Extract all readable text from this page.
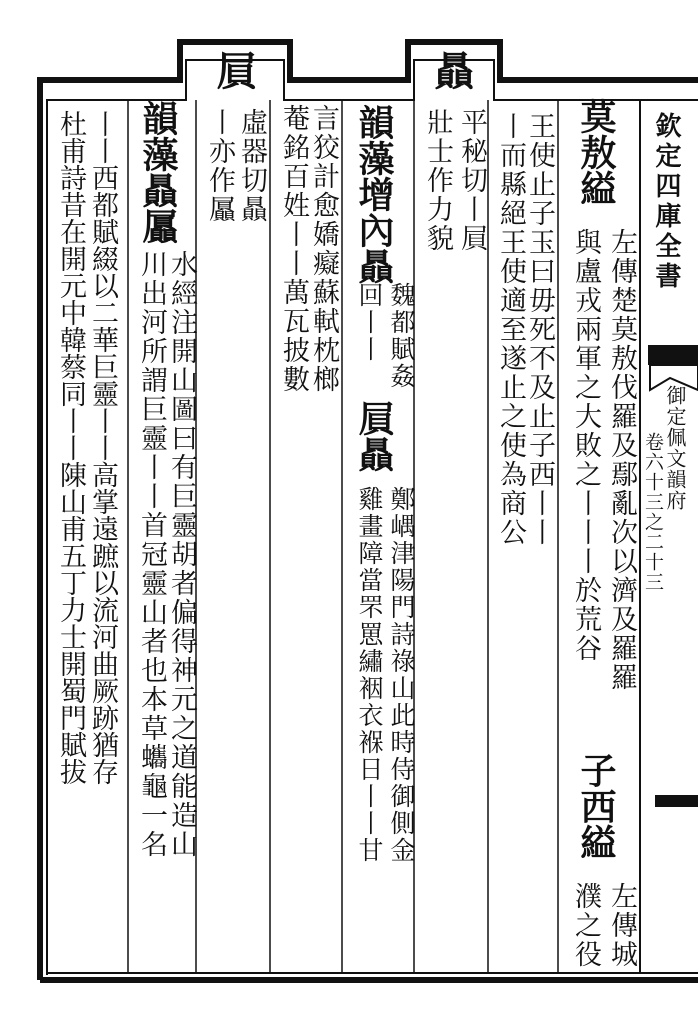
欽定四庫全書
御定佩文韻府
卷六十三之二十三
屓	贔
莫敖縊
左傳楚莫敖伐羅及鄢亂次以濟及羅羅
與盧戎兩軍之大敗之丨丨丨於荒谷
子西縊
左傳城
濮之役
王使止子玉曰毋死不及止子西丨丨
丨而縣絕王使適至遂止之使為商公
平秘切丨屓
壯士作力貌
韻藻增內贔
魏都賦姦
回丨丨
屓贔
鄭嵎津陽門詩祿山此時侍御側金
雞畫障當罘罳繡裀衣褓日丨丨甘
言狡計愈嬌癡蘇軾枕榔
菴銘百姓丨丨萬瓦披數
虛器切贔
丨亦作屭
韻藻贔屭
水經注開山圖曰有巨靈胡者偏得神元之道能造山
川出河所謂巨靈丨丨首冠靈山者也本草蠵龜一名
丨丨西都賦綴以二華巨靈丨丨高掌遠蹠以流河曲厥跡猶存
杜甫詩昔在開元中韓蔡同丨丨陳山甫五丁力士開蜀門賦拔
